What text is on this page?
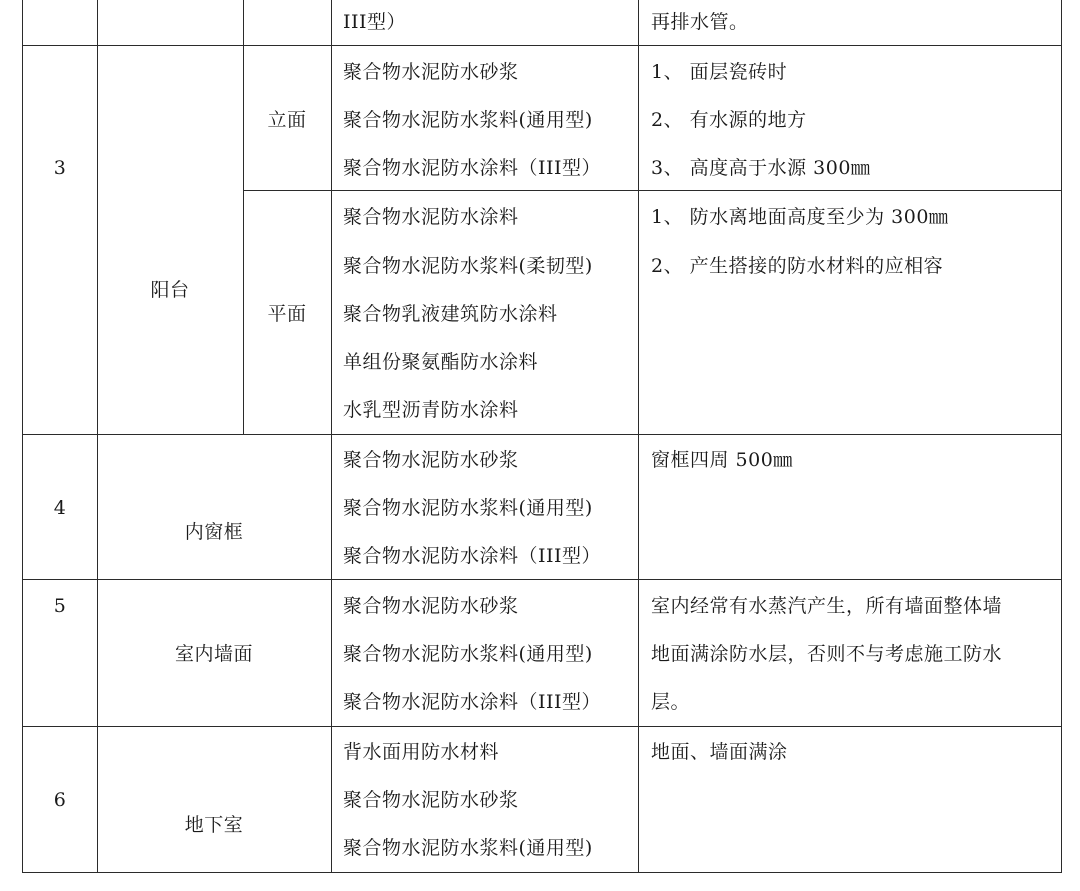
III型）	再排水管。
3
阳台
立面
聚合物水泥防水砂浆
聚合物水泥防水浆料(通用型)
聚合物水泥防水涂料（III型）
1、 面层瓷砖时
2、 有水源的地方
3、 高度高于水源 300㎜
平面
聚合物水泥防水涂料
聚合物水泥防水浆料(柔韧型)
聚合物乳液建筑防水涂料
单组份聚氨酯防水涂料
水乳型沥青防水涂料
1、 防水离地面高度至少为 300㎜
2、 产生搭接的防水材料的应相容
4
内窗框
聚合物水泥防水砂浆
聚合物水泥防水浆料(通用型)
聚合物水泥防水涂料（III型）
窗框四周 500㎜
5
室内墙面
聚合物水泥防水砂浆
聚合物水泥防水浆料(通用型)
聚合物水泥防水涂料（III型）
室内经常有水蒸汽产生，所有墙面整体墙
地面满涂防水层，否则不与考虑施工防水
层。
6
地下室
背水面用防水材料
聚合物水泥防水砂浆
聚合物水泥防水浆料(通用型)
地面、墙面满涂
